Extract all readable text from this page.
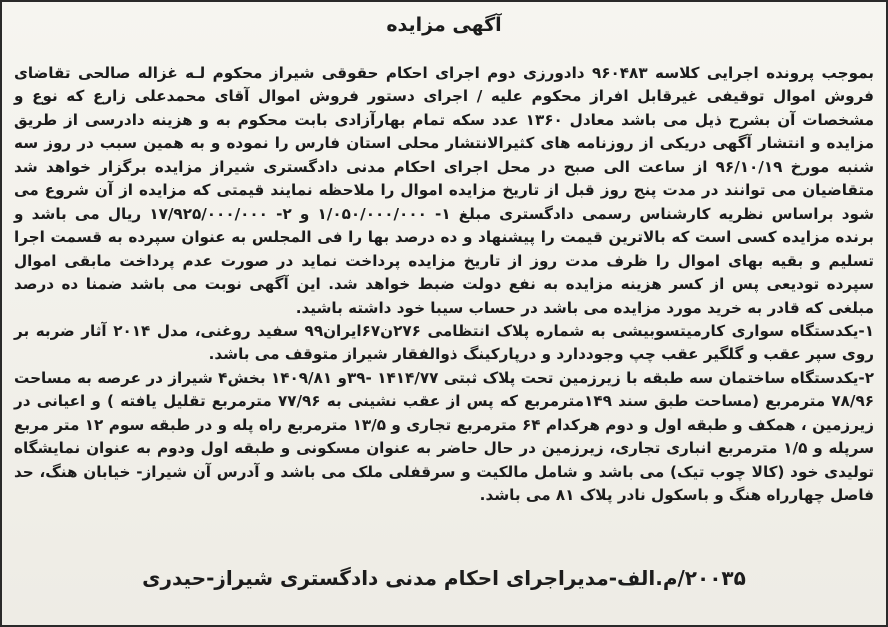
آگهی مزایده

بموجب پرونده اجرایی کلاسه ۹۶۰۴۸۳ دادورزی دوم اجرای احکام حقوقی شیراز محکوم لـه غزاله صالحی تقاضای فروش اموال توقیفی غیرقابل افراز محکوم علیه / اجرای دستور فروش اموال آقای محمدعلی زارع که نوع و مشخصات آن بشرح ذیل می باشد معادل ۱۳۶۰ عدد سکه تمام بهارآزادی بابت محکوم به و هزینه دادرسی از طریق مزایده و انتشار آگهی دریکی از روزنامه های کثیرالانتشار محلی استان فارس را نموده و به همین سبب در روز سه شنبه مورخ ۹۶/۱۰/۱۹ از ساعت الی صبح در محل اجرای احکام مدنی دادگستری شیراز مزایده برگزار خواهد شد متقاضیان می توانند در مدت پنج روز قبل از تاریخ مزایده اموال را ملاحظه نمایند قیمتی که مزایده از آن شروع می شود براساس نظریه کارشناس رسمی دادگستری مبلغ ۱- ۱/۰۵۰/۰۰۰/۰۰۰ و ۲- ۱۷/۹۲۵/۰۰۰/۰۰۰ ریال می باشد و برنده مزایده کسی است که بالاترین قیمت را پیشنهاد و ده درصد بها را فی المجلس به عنوان سپرده به قسمت اجرا تسلیم و بقیه بهای اموال را ظرف مدت روز از تاریخ مزایده پرداخت نماید در صورت عدم پرداخت مابقی اموال سپرده تودیعی پس از کسر هزینه مزایده به نفع دولت ضبط خواهد شد. این آگهی نوبت می باشد ضمنا ده درصد مبلغی که قادر به خرید مورد مزایده می باشد در حساب سیبا خود داشته باشید.

۱-یکدستگاه سواری کارمیتسوبیشی به شماره پلاک انتظامی ۲۷۶ن۶۷ایران۹۹ سفید روغنی، مدل ۲۰۱۴ آثار ضربه بر روی سپر عقب و گلگیر عقب چپ وجوددارد و درپارکینگ ذوالفقار شیراز متوقف می باشد.

۲-یکدستگاه ساختمان سه طبقه با زیرزمین تحت پلاک ثبتی ۱۴۱۴/۷۷ -۳۹و ۱۴۰۹/۸۱ بخش۴ شیراز در عرصه به مساحت ۷۸/۹۶ مترمربع (مساحت طبق سند ۱۴۹مترمربع که پس از عقب نشینی به ۷۷/۹۶ مترمربع تقلیل یافته ) و اعیانی در زیرزمین ، همکف و طبقه اول و دوم هرکدام ۶۴ مترمربع تجاری و ۱۳/۵ مترمربع راه پله و در طبقه سوم ۱۲ متر مربع سرپله و ۱/۵ مترمربع انباری تجاری، زیرزمین در حال حاضر به عنوان مسکونی و طبقه اول ودوم به عنوان نمایشگاه تولیدی خود (کالا چوب تیک) می باشد و شامل مالکیت و سرقفلی ملک می باشد و آدرس آن شیراز- خیابان هنگ، حد فاصل چهارراه هنگ و باسکول نادر پلاک ۸۱ می باشد.

۲۰۰۳۵/م.الف-مدیراجرای احکام مدنی دادگستری شیراز-حیدری
